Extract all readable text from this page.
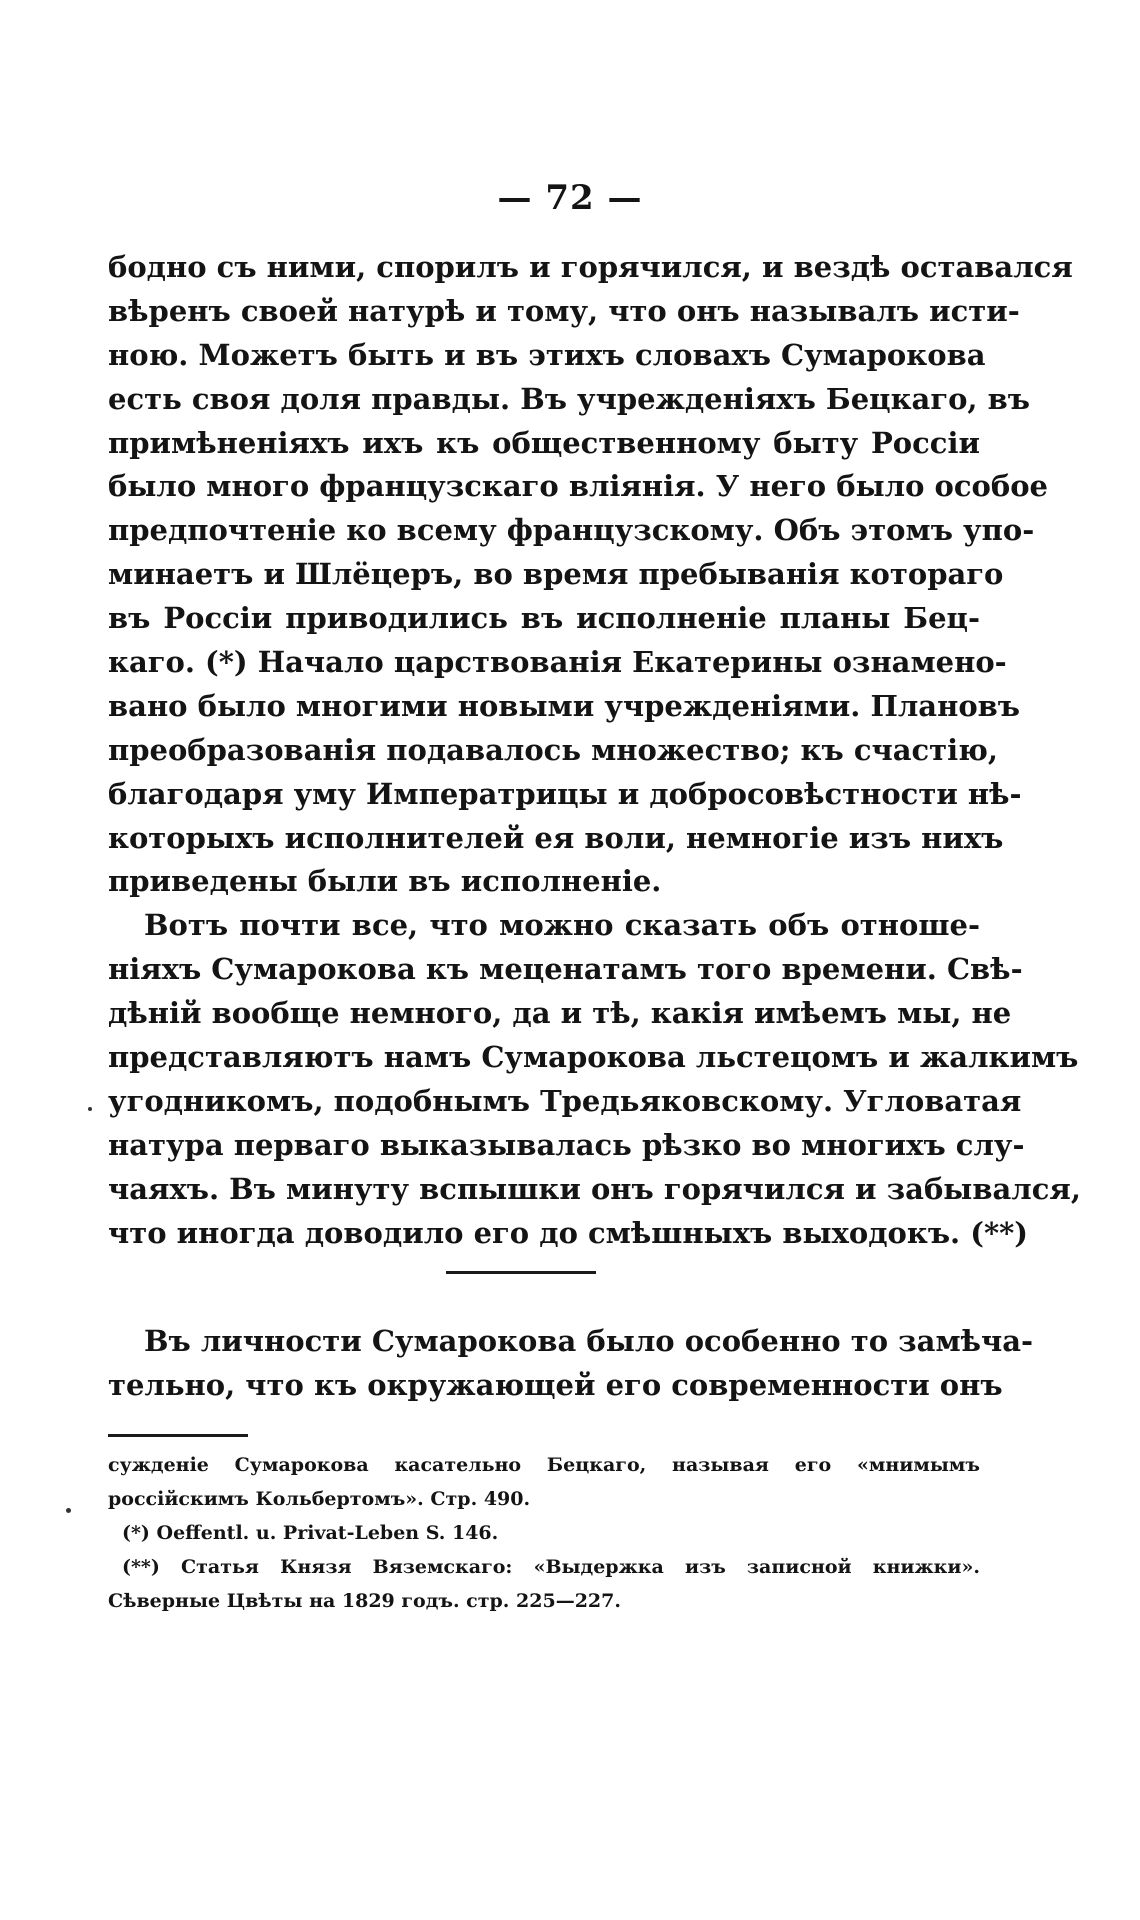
— 72 —
бодно съ ними, спорилъ и горячился, и вездѣ оставался
вѣренъ своей натурѣ и тому, что онъ называлъ исти-
ною. Можетъ быть и въ этихъ словахъ Сумарокова
есть своя доля правды. Въ учрежденіяхъ Бецкаго, въ
примѣненіяхъ ихъ къ общественному быту Россіи
было много французскаго вліянія. У него было особое
предпочтеніе ко всему французскому. Объ этомъ упо-
минаетъ и Шлёцеръ, во время пребыванія котораго
въ Россіи приводились въ исполненіе планы Бец-
каго. (*) Начало царствованія Екатерины ознамено-
вано было многими новыми учрежденіями. Плановъ
преобразованія подавалось множество; къ счастію,
благодаря уму Императрицы и добросовѣстности нѣ-
которыхъ исполнителей ея воли, немногіе изъ нихъ
приведены были въ исполненіе.
Вотъ почти все, что можно сказать объ отноше-
ніяхъ Сумарокова къ меценатамъ того времени. Свѣ-
дѣній вообще немного, да и тѣ, какія имѣемъ мы, не
представляютъ намъ Сумарокова льстецомъ и жалкимъ
угодникомъ, подобнымъ Тредьяковскому. Угловатая
натура перваго выказывалась рѣзко во многихъ слу-
чаяхъ. Въ минуту вспышки онъ горячился и забывался,
что иногда доводило его до смѣшныхъ выходокъ. (**)
Въ личности Сумарокова было особенно то замѣча-
тельно, что къ окружающей его современности онъ
сужденіе Сумарокова касательно Бецкаго, называя его «мнимымъ
россійскимъ Кольбертомъ». Стр. 490.
(*) Oeffentl. u. Privat-Leben S. 146.
(**) Статья Князя Вяземскаго: «Выдержка изъ записной книжки».
Сѣверные Цвѣты на 1829 годъ. стр. 225—227.
